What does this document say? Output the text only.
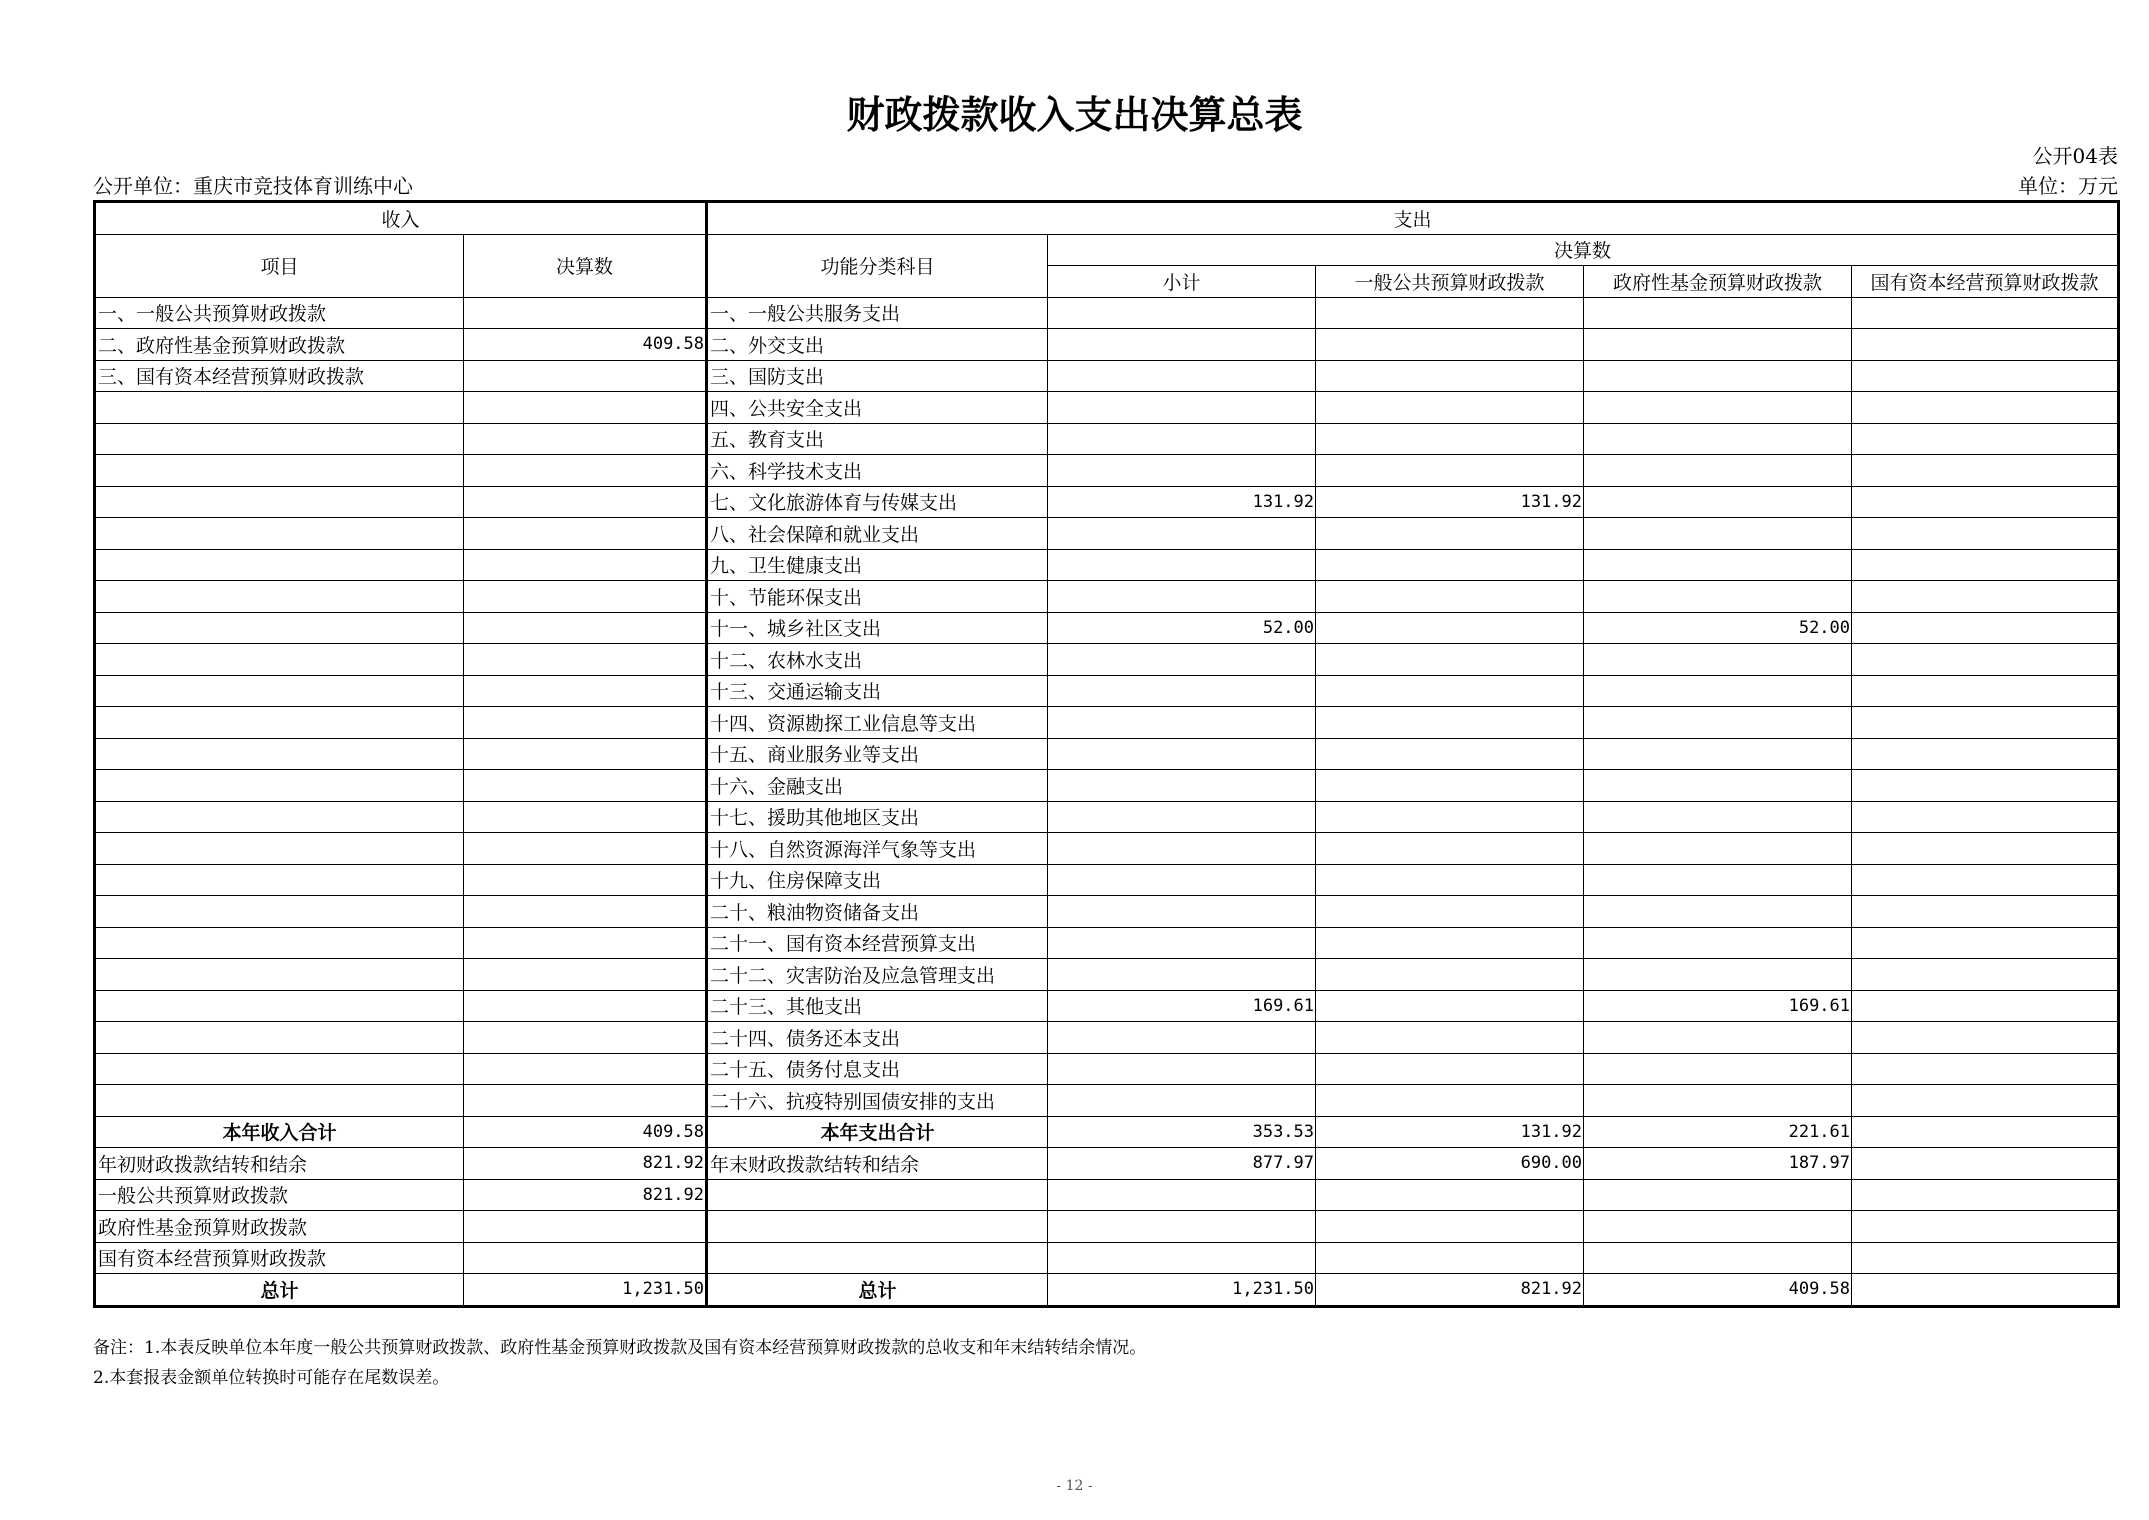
财政拨款收入支出决算总表
公开04表
公开单位：重庆市竞技体育训练中心	单位：万元
收入		支出				
项目	决算数	功能分类科目	决算数			
			小计	一般公共预算财政拨款	政府性基金预算财政拨款	国有资本经营预算财政拨款
一、一般公共预算财政拨款		一、一般公共服务支出				
二、政府性基金预算财政拨款	409.58	二、外交支出				
三、国有资本经营预算财政拨款		三、国防支出				
		四、公共安全支出				
		五、教育支出				
		六、科学技术支出				
		七、文化旅游体育与传媒支出	131.92	131.92		
		八、社会保障和就业支出				
		九、卫生健康支出				
		十、节能环保支出				
		十一、城乡社区支出	52.00		52.00	
		十二、农林水支出				
		十三、交通运输支出				
		十四、资源勘探工业信息等支出				
		十五、商业服务业等支出				
		十六、金融支出				
		十七、援助其他地区支出				
		十八、自然资源海洋气象等支出				
		十九、住房保障支出				
		二十、粮油物资储备支出				
		二十一、国有资本经营预算支出				
		二十二、灾害防治及应急管理支出				
		二十三、其他支出	169.61		169.61	
		二十四、债务还本支出				
		二十五、债务付息支出				
		二十六、抗疫特别国债安排的支出				
本年收入合计	409.58	本年支出合计	353.53	131.92	221.61	
年初财政拨款结转和结余	821.92	年末财政拨款结转和结余	877.97	690.00	187.97	
一般公共预算财政拨款	821.92					
政府性基金预算财政拨款						
国有资本经营预算财政拨款						
总计	1,231.50	总计	1,231.50	821.92	409.58	
备注：1.本表反映单位本年度一般公共预算财政拨款、政府性基金预算财政拨款及国有资本经营预算财政拨款的总收支和年末结转结余情况。
2.本套报表金额单位转换时可能存在尾数误差。
- 12 -
